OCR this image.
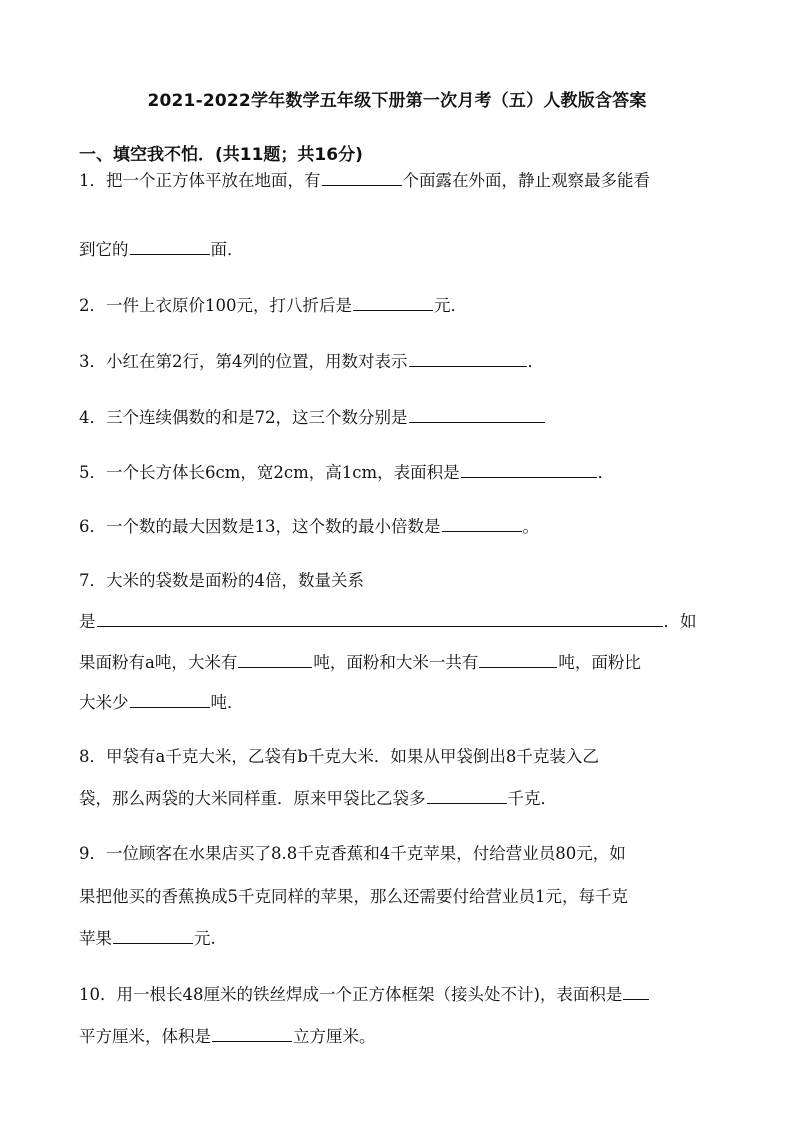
2021-2022学年数学五年级下册第一次月考（五）人教版含答案
一、填空我不怕．(共11题；共16分)
1．把一个正方体平放在地面，有	个面露在外面，静止观察最多能看
到它的	面．
2．一件上衣原价100元，打八折后是	元．
3．小红在第2行，第4列的位置，用数对表示	．
4．三个连续偶数的和是72，这三个数分别是
5．一个长方体长6cm，宽2cm，高1cm，表面积是	．
6．一个数的最大因数是13，这个数的最小倍数是	。
7．大米的袋数是面粉的4倍，数量关系
是	．如
果面粉有a吨，大米有	吨，面粉和大米一共有	吨，面粉比
大米少	吨．
8．甲袋有a千克大米，乙袋有b千克大米．如果从甲袋倒出8千克装入乙
袋，那么两袋的大米同样重．原来甲袋比乙袋多	千克．
9．一位顾客在水果店买了8.8千克香蕉和4千克苹果，付给营业员80元，如
果把他买的香蕉换成5千克同样的苹果，那么还需要付给营业员1元，每千克
苹果	元.
10．用一根长48厘米的铁丝焊成一个正方体框架（接头处不计)，表面积是
平方厘米，体积是	立方厘米。
